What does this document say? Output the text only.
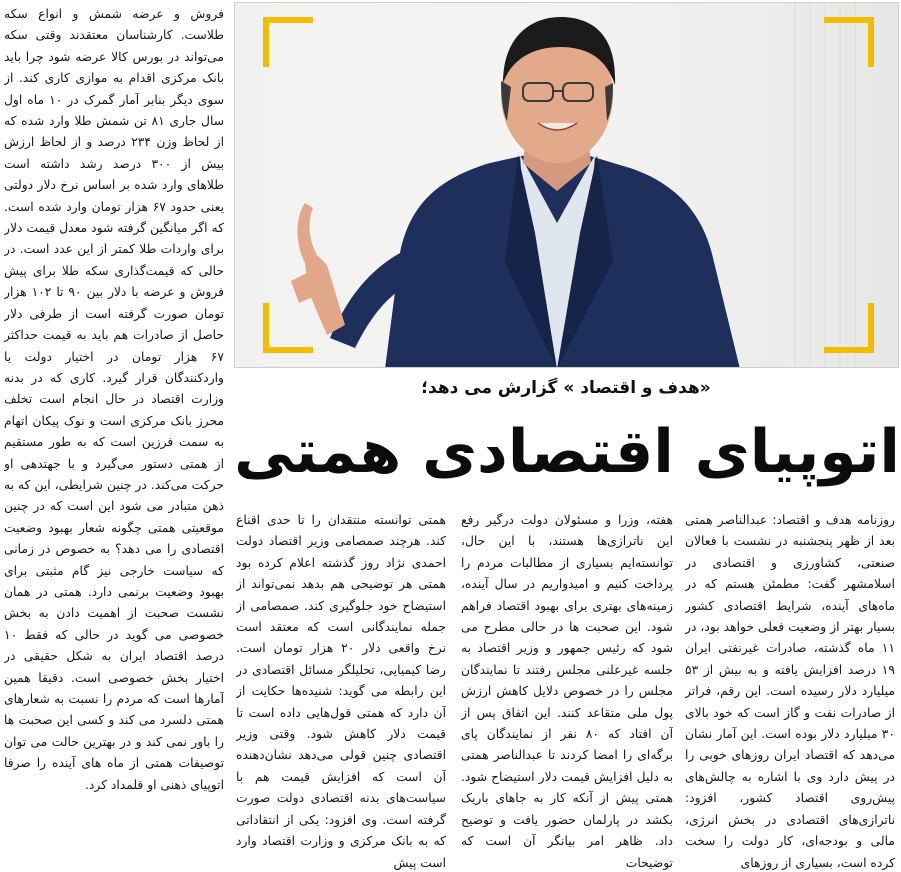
فروش و عرضه شمش و انواع سکه طلاست. کارشناسان معتقدند وقتی سکه می‌تواند در بورس کالا عرضه شود چرا باید بانک مرکزی اقدام به موازی کاری کند. از سوی دیگر بنابر آمار گمرک در ۱۰ ماه اول سال جاری ۸۱ تن شمش طلا وارد شده که از لحاظ وزن ۲۳۴ درصد و از لحاظ ارزش بیش از ۳۰۰ درصد رشد داشته است طلاهای وارد شده بر اساس نرخ دلار دولتی یعنی حدود ۶۷ هزار تومان وارد شده است. که اگر میانگین گرفته شود معدل قیمت دلار برای واردات طلا کمتر از این عدد است. در حالی که قیمت‌گذاری سکه طلا برای پیش فروش و عرضه با دلار بین ۹۰ تا ۱۰۲ هزار تومان صورت گرفته است از طرفی دلار حاصل از صادرات هم باید به قیمت حداکثر ۶۷ هزار تومان در اختیار دولت یا واردکنندگان قرار گیرد. کاری که در بدنه وزارت اقتصاد در حال انجام است تخلف محرز بانک مرکزی است و نوک پیکان اتهام به سمت فرزین است که به طور مستقیم از همتی دستور می‌گیرد و با جهتدهی او حرکت می‌کند. در چنین شرایطی، این که به ذهن متبادر می شود این است که در چنین موقعیتی همتی چگونه شعار بهبود وضعیت اقتصادی را می دهد؟ به خصوص در زمانی که سیاست خارجی نیز گام مثبتی برای بهبود وضعیت برنمی دارد. همتی در همان نشست صحبت از اهمیت دادن به بخش خصوصی می گوید در حالی که فقط ۱۰ درصد اقتصاد ایران به شکل حقیقی در اختیار بخش خصوصی است. دقیقا همین آمارها است که مردم را نسبت به شعارهای همتی دلسرد می کند و کسی این صحبت ها را باور نمی کند و در بهترین حالت می توان توصیفات همتی از ماه های آینده را صرفا اتوپیای ذهنی او قلمداد کرد.

همتی توانسته منتقدان را تا حدی اقناع کند. هرچند صمصامی وزیر اقتصاد دولت احمدی نژاد روز گذشته اعلام کرده بود همتی هر توضیحی هم بدهد نمی‌تواند از استیضاح خود جلوگیری کند. صمصامی از جمله نمایندگانی است که معتقد است نرخ واقعی دلار ۲۰ هزار تومان است. رضا کیمیایی، تحلیلگر مسائل اقتصادی در این رابطه می گوید: شنیده‌ها حکایت از آن دارد که همتی قول‌هایی داده است تا قیمت دلار کاهش شود. وقتی وزیر اقتصادی چنین قولی می‌دهد نشان‌دهنده آن است که افزایش قیمت هم با سیاست‌های بدنه اقتصادی دولت صورت گرفته است. وی افزود: یکی از انتقاداتی که به بانک مرکزی و وزارت اقتصاد وارد است پیش

هفته، وزرا و مسئولان دولت درگیر رفع این ناترازی‌ها هستند، با این حال، توانسته‌ایم بسیاری از مطالبات مردم را پرداخت کنیم و امیدواریم در سال آینده، زمینه‌های بهتری برای بهبود اقتصاد فراهم شود. این صحبت ها در حالی مطرح می شود که رئیس جمهور و وزیر اقتصاد به جلسه غیرعلنی مجلس رفتند تا نمایندگان مجلس را در خصوص دلایل کاهش ارزش پول ملی متقاعد کنند. این اتفاق پس از آن افتاد که ۸۰ نفر از نمایندگان پای برگه‌ای را امضا کردند تا عبدالناصر همتی به دلیل افزایش قیمت دلار استیضاح شود. همتی پیش از آنکه کار به جاهای باریک بکشد در پارلمان حضور یافت و توضیح داد. ظاهر امر بیانگر آن است که توضیحات

روزنامه هدف و اقتصاد: عبدالناصر همتی بعد از ظهر پنجشنبه در نشست با فعالان صنعتی، کشاورزی و اقتصادی در اسلامشهر گفت: مطمئن هستم که در ماه‌های آینده، شرایط اقتصادی کشور بسیار بهتر از وضعیت فعلی خواهد بود، در ۱۱ ماه گذشته، صادرات غیرنفتی ایران ۱۹ درصد افزایش یافته و به بیش از ۵۳ میلیارد دلار رسیده است. این رقم، فراتر از صادرات نفت و گاز است که خود بالای ۳۰ میلیارد دلار بوده است. این آمار نشان می‌دهد که اقتصاد ایران روزهای خوبی را در پیش دارد وی با اشاره به چالش‌های پیش‌روی اقتصاد کشور، افزود: ناترازی‌های اقتصادی در بخش انرژی، مالی و بودجه‌ای، کار دولت را سخت کرده است، بسیاری از روزهای

«هدف و اقتصاد » گزارش می دهد؛
اتوپیای اقتصادی همتی
